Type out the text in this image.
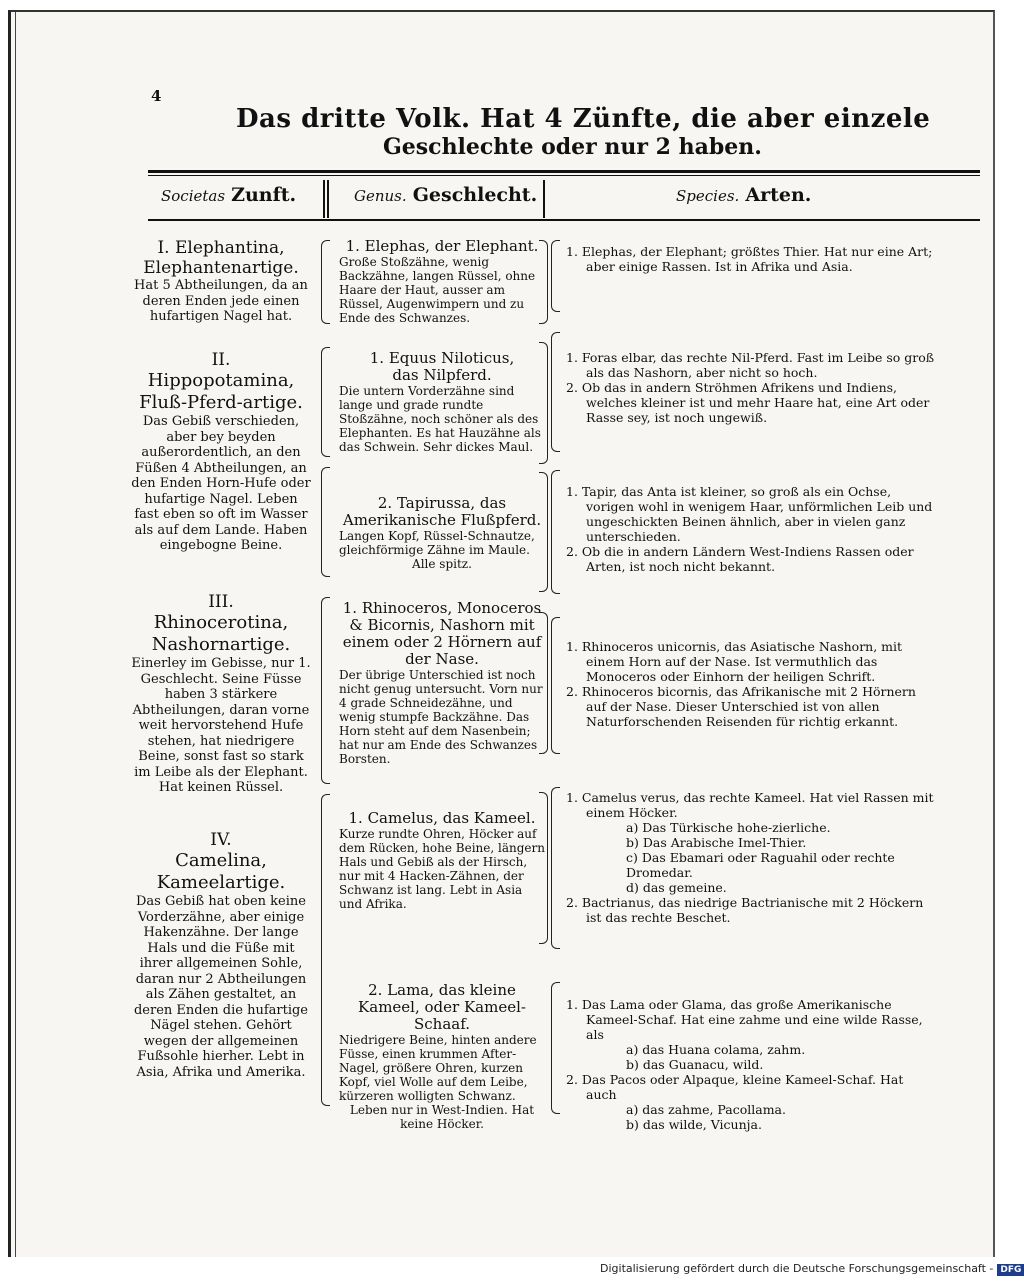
4
Das dritte Volk. Hat 4 Zünfte, die aber einzele
Geschlechte oder nur 2 haben.
Societas Zunft.	Genus. Geschlecht.	Species. Arten.
I. Elephantina,
Elephantenartige.
Hat 5 Abtheilungen, da an deren Enden jede einen hufartigen Nagel hat.
II.
Hippopotamina,
Fluß-Pferd-artige.
Das Gebiß verschieden, aber bey beyden außerordentlich, an den Füßen 4 Abtheilungen, an den Enden Horn-Hufe oder hufartige Nagel. Leben fast eben so oft im Wasser als auf dem Lande. Haben eingebogne Beine.
III.
Rhinocerotina,
Nashornartige.
Einerley im Gebisse, nur 1. Geschlecht. Seine Füsse haben 3 stärkere Abtheilungen, daran vorne weit hervorstehend Hufe stehen, hat niedrigere Beine, sonst fast so stark im Leibe als der Elephant. Hat keinen Rüssel.
IV.
Camelina,
Kameelartige.
Das Gebiß hat oben keine Vorderzähne, aber einige Hakenzähne. Der lange Hals und die Füße mit ihrer allgemeinen Sohle, daran nur 2 Abtheilungen als Zähen gestaltet, an deren Enden die hufartige Nägel stehen. Gehört wegen der allgemeinen Fußsohle hierher. Lebt in Asia, Afrika und Amerika.
1. Elephas, der Elephant.
Große Stoßzähne, wenig Backzähne, langen Rüssel, ohne Haare der Haut, ausser am Rüssel, Augenwimpern und zu Ende des Schwanzes.
1. Equus Niloticus,
das Nilpferd.
Die untern Vorderzähne sind lange und grade rundte Stoßzähne, noch schöner als des Elephanten. Es hat Hauzähne als das Schwein. Sehr dickes Maul.
2. Tapirussa, das Amerikanische Flußpferd.
Langen Kopf, Rüssel-Schnautze, gleichförmige Zähne im Maule.
Alle spitz.
1. Rhinoceros, Monoceros & Bicornis, Nashorn mit einem oder 2 Hörnern auf der Nase.
Der übrige Unterschied ist noch nicht genug untersucht. Vorn nur 4 grade Schneidezähne, und wenig stumpfe Backzähne. Das Horn steht auf dem Nasenbein; hat nur am Ende des Schwanzes Borsten.
1. Camelus, das Kameel.
Kurze rundte Ohren, Höcker auf dem Rücken, hohe Beine, längern Hals und Gebiß als der Hirsch, nur mit 4 Hacken-Zähnen, der Schwanz ist lang. Lebt in Asia und Afrika.
2. Lama, das kleine Kameel, oder Kameel-Schaaf.
Niedrigere Beine, hinten andere Füsse, einen krummen After-Nagel, größere Ohren, kurzen Kopf, viel Wolle auf dem Leibe, kürzeren wolligten Schwanz.
Leben nur in West-Indien. Hat keine Höcker.
1. Elephas, der Elephant; größtes Thier. Hat nur eine Art; aber einige Rassen. Ist in Afrika und Asia.
1. Foras elbar, das rechte Nil-Pferd. Fast im Leibe so groß als das Nashorn, aber nicht so hoch.
2. Ob das in andern Ströhmen Afrikens und Indiens, welches kleiner ist und mehr Haare hat, eine Art oder Rasse sey, ist noch ungewiß.
1. Tapir, das Anta ist kleiner, so groß als ein Ochse, vorigen wohl in wenigem Haar, unförmlichen Leib und ungeschickten Beinen ähnlich, aber in vielen ganz unterschieden.
2. Ob die in andern Ländern West-Indiens Rassen oder Arten, ist noch nicht bekannt.
1. Rhinoceros unicornis, das Asiatische Nashorn, mit einem Horn auf der Nase. Ist vermuthlich das Monoceros oder Einhorn der heiligen Schrift.
2. Rhinoceros bicornis, das Afrikanische mit 2 Hörnern auf der Nase. Dieser Unterschied ist von allen Naturforschenden Reisenden für richtig erkannt.
1. Camelus verus, das rechte Kameel. Hat viel Rassen mit einem Höcker.
a) Das Türkische hohe-zierliche.
b) Das Arabische Imel-Thier.
c) Das Ebamari oder Raguahil oder rechte Dromedar.
d) das gemeine.
2. Bactrianus, das niedrige Bactrianische mit 2 Höckern ist das rechte Beschet.
1. Das Lama oder Glama, das große Amerikanische Kameel-Schaf. Hat eine zahme und eine wilde Rasse, als
a) das Huana colama, zahm.
b) das Guanacu, wild.
2. Das Pacos oder Alpaque, kleine Kameel-Schaf. Hat auch
a) das zahme, Pacollama.
b) das wilde, Vicunja.
Digitalisierung gefördert durch die Deutsche Forschungsgemeinschaft - DFG
